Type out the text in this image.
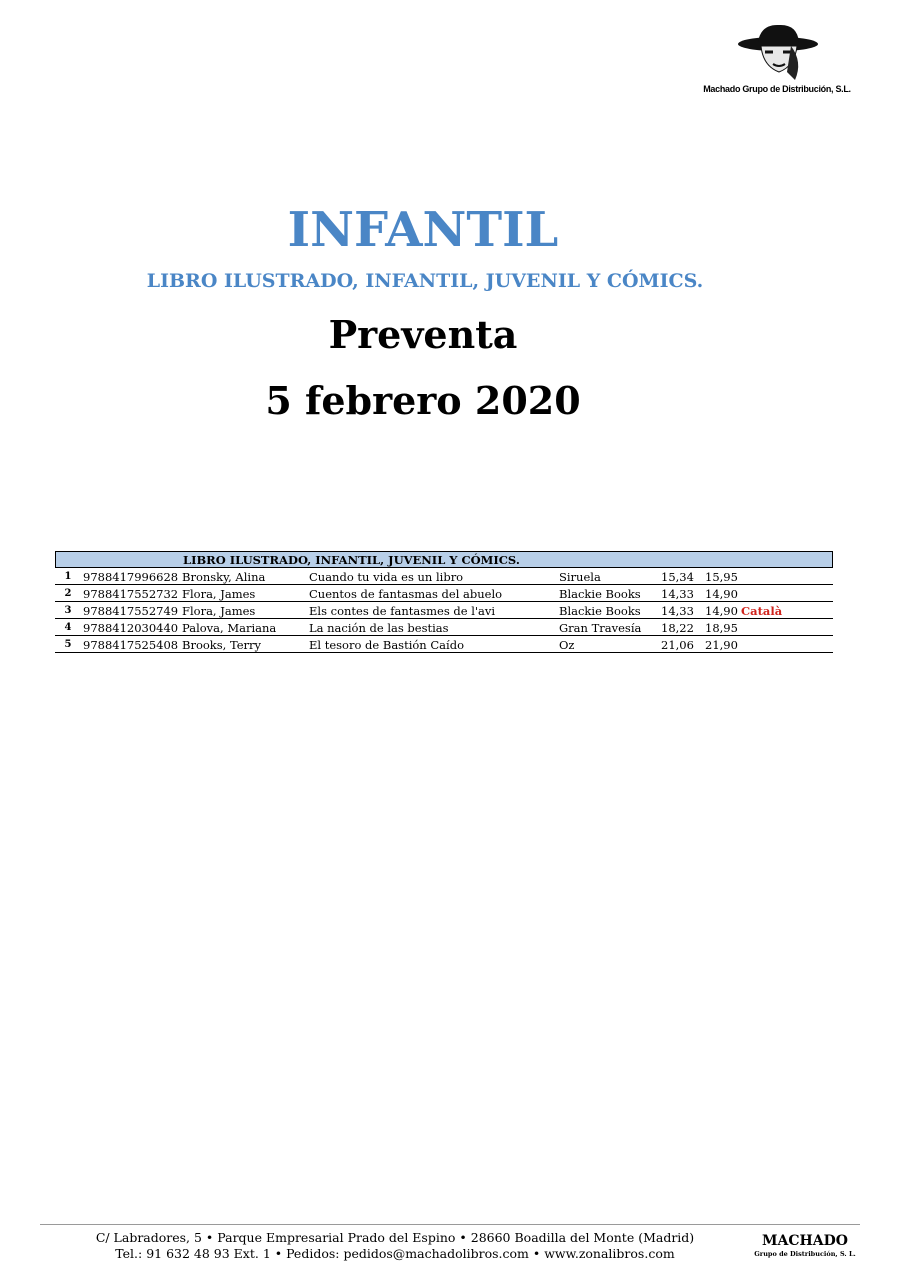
Machado Grupo de Distribución, S.L.
INFANTIL
LIBRO ILUSTRADO, INFANTIL, JUVENIL Y CÓMICS.
Preventa
5 febrero 2020
LIBRO ILUSTRADO, INFANTIL, JUVENIL Y CÓMICS.
1	9788417996628 Bronsky, Alina	Cuando tu vida es un libro	Siruela	15,34 15,95
2	9788417552732 Flora, James	Cuentos de fantasmas del abuelo	Blackie Books 14,33 14,90
3	9788417552749 Flora, James	Els contes de fantasmes de l'avi	Blackie Books 14,33 14,90 Català
4	9788412030440 Palova, Mariana	La nación de las bestias	Gran Travesía 18,22 18,95
5	9788417525408 Brooks, Terry	El tesoro de Bastión Caído	Oz	21,06 21,90
C/ Labradores, 5 • Parque Empresarial Prado del Espino • 28660 Boadilla del Monte (Madrid)
Tel.: 91 632 48 93 Ext. 1 • Pedidos: pedidos@machadolibros.com • www.zonalibros.com
MACHADO
Grupo de Distribución, S. L.
